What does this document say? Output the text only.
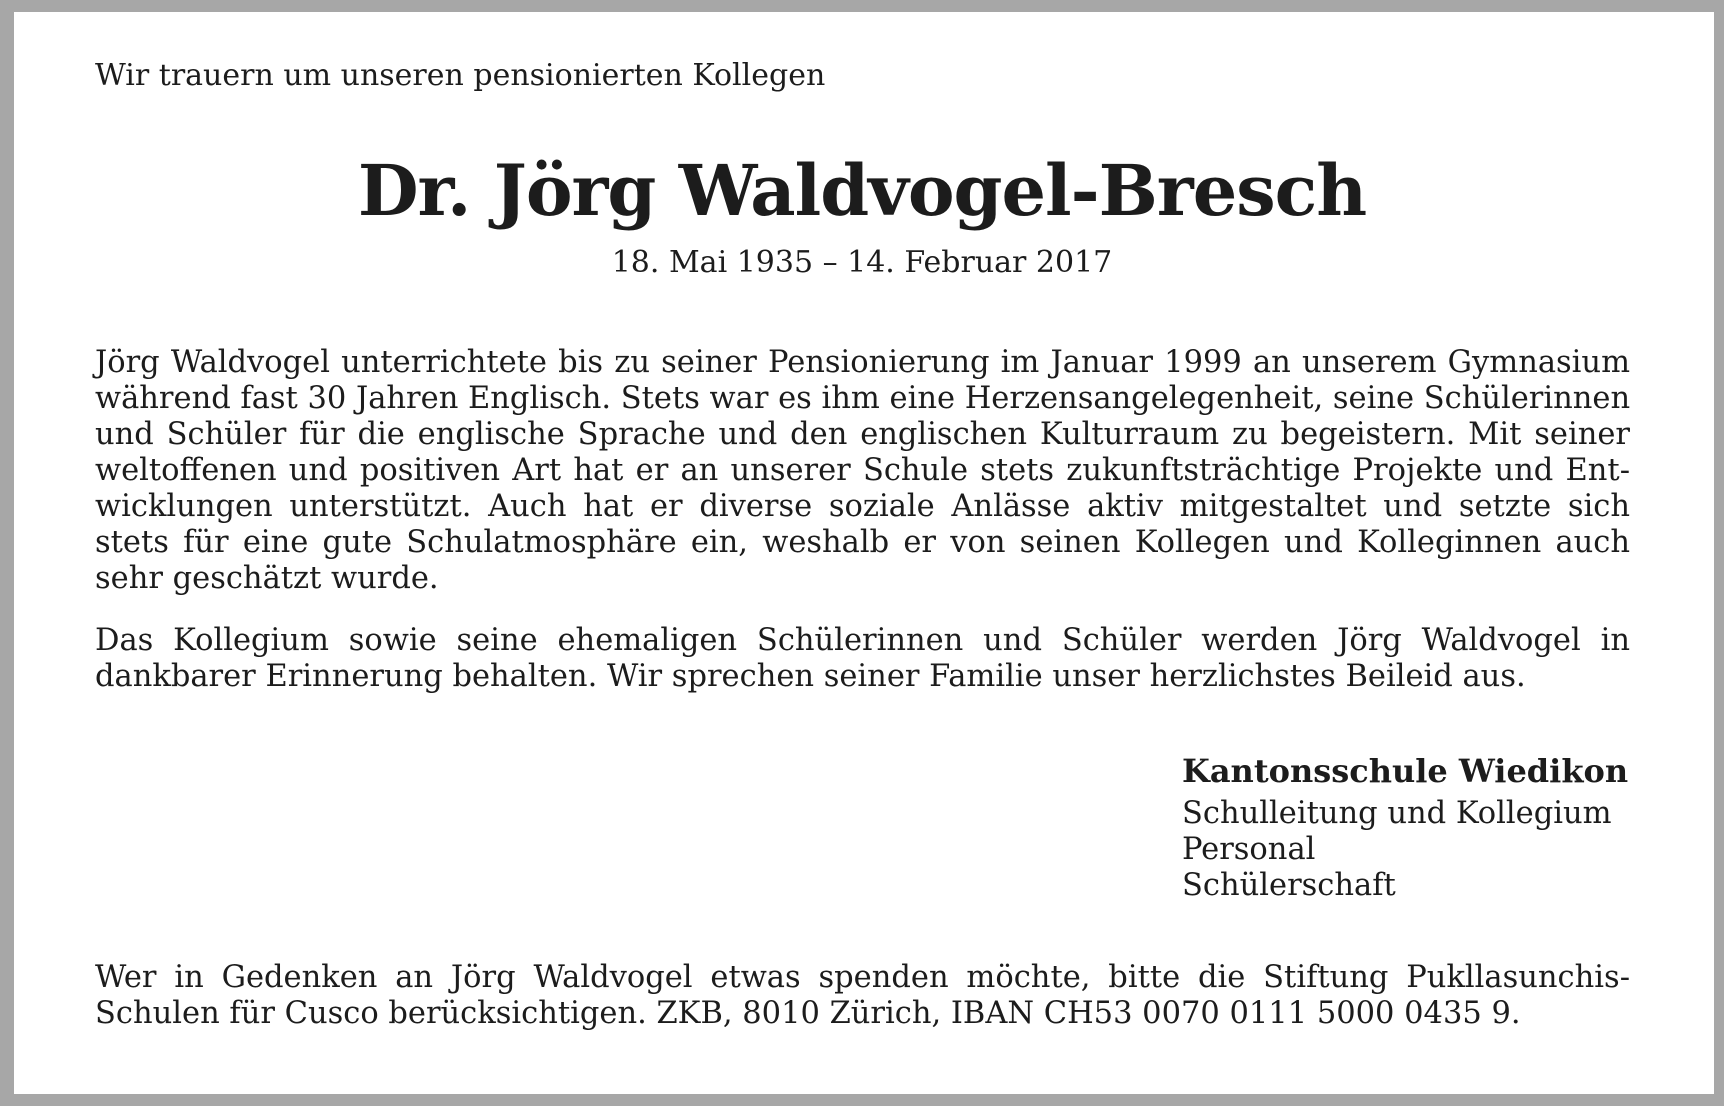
Wir trauern um unseren pensionierten Kollegen

Dr. Jörg Waldvogel-Bresch

18. Mai 1935 – 14. Februar 2017

Jörg Waldvogel unterrichtete bis zu seiner Pensionierung im Januar 1999 an unserem Gymnasium
während fast 30 Jahren Englisch. Stets war es ihm eine Herzensangelegenheit, seine Schülerinnen
und Schüler für die englische Sprache und den englischen Kulturraum zu begeistern. Mit seiner
weltoffenen und positiven Art hat er an unserer Schule stets zukunftsträchtige Projekte und Ent-
wicklungen unterstützt. Auch hat er diverse soziale Anlässe aktiv mitgestaltet und setzte sich
stets für eine gute Schulatmosphäre ein, weshalb er von seinen Kollegen und Kolleginnen auch
sehr geschätzt wurde.
Das Kollegium sowie seine ehemaligen Schülerinnen und Schüler werden Jörg Waldvogel in
dankbarer Erinnerung behalten. Wir sprechen seiner Familie unser herzlichstes Beileid aus.
Kantonsschule Wiedikon
Schulleitung und Kollegium
Personal
Schülerschaft
Wer in Gedenken an Jörg Waldvogel etwas spenden möchte, bitte die Stiftung Pukllasunchis-
Schulen für Cusco berücksichtigen. ZKB, 8010 Zürich, IBAN CH53 0070 0111 5000 0435 9.
